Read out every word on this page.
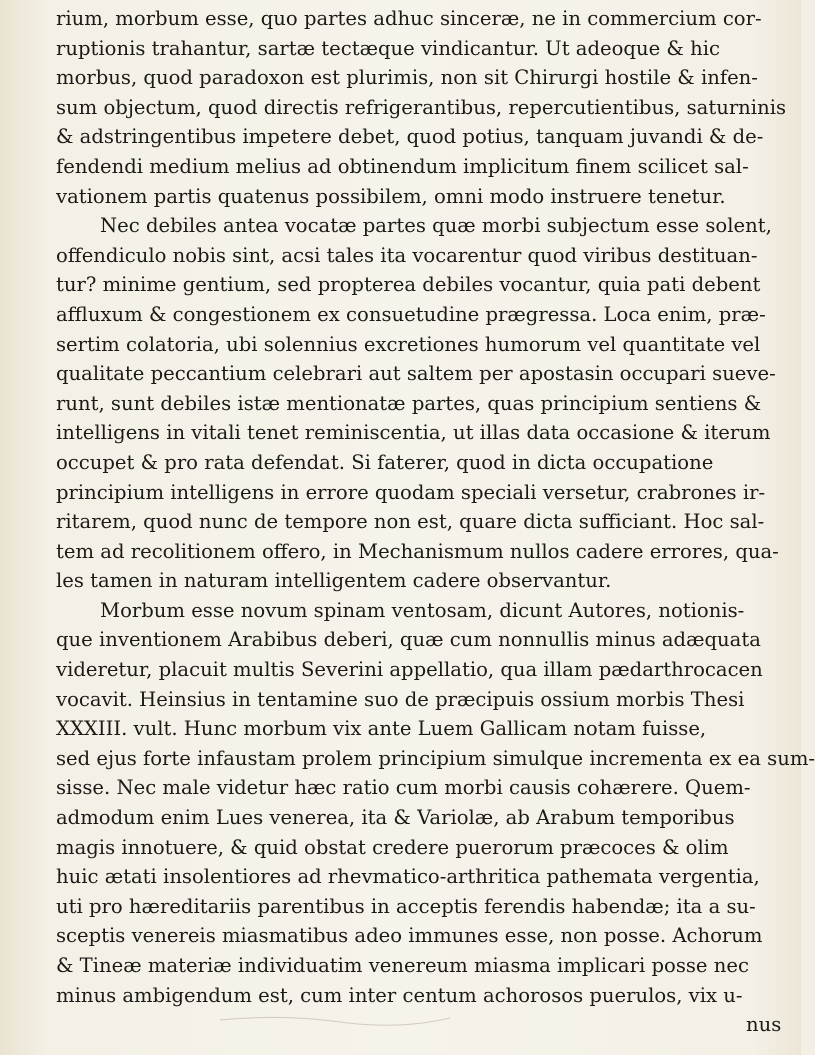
rium, morbum esse, quo partes adhuc sinceræ, ne in commercium cor-
ruptionis trahantur, sartæ tectæque vindicantur. Ut adeoque & hic
morbus, quod paradoxon est plurimis, non sit Chirurgi hostile & infen-
sum objectum, quod directis refrigerantibus, repercutientibus, saturninis
& adstringentibus impetere debet, quod potius, tanquam juvandi & de-
fendendi medium melius ad obtinendum implicitum finem scilicet sal-
vationem partis quatenus possibilem, omni modo instruere tenetur.
Nec debiles antea vocatæ partes quæ morbi subjectum esse solent,
offendiculo nobis sint, acsi tales ita vocarentur quod viribus destituan-
tur? minime gentium, sed propterea debiles vocantur, quia pati debent
affluxum & congestionem ex consuetudine prægressa. Loca enim, præ-
sertim colatoria, ubi solennius excretiones humorum vel quantitate vel
qualitate peccantium celebrari aut saltem per apostasin occupari sueve-
runt, sunt debiles istæ mentionatæ partes, quas principium sentiens &
intelligens in vitali tenet reminiscentia, ut illas data occasione & iterum
occupet & pro rata defendat. Si faterer, quod in dicta occupatione
principium intelligens in errore quodam speciali versetur, crabrones ir-
ritarem, quod nunc de tempore non est, quare dicta sufficiant. Hoc sal-
tem ad recolitionem offero, in Mechanismum nullos cadere errores, qua-
les tamen in naturam intelligentem cadere observantur.
Morbum esse novum spinam ventosam, dicunt Autores, notionis-
que inventionem Arabibus deberi, quæ cum nonnullis minus adæquata
videretur, placuit multis Severini appellatio, qua illam pædarthrocacen
vocavit. Heinsius in tentamine suo de præcipuis ossium morbis Thesi
XXXIII. vult. Hunc morbum vix ante Luem Gallicam notam fuisse,
sed ejus forte infaustam prolem principium simulque incrementa ex ea sum-
sisse. Nec male videtur hæc ratio cum morbi causis cohærere. Quem-
admodum enim Lues venerea, ita & Variolæ, ab Arabum temporibus
magis innotuere, & quid obstat credere puerorum præcoces & olim
huic ætati insolentiores ad rhevmatico-arthritica pathemata vergentia,
uti pro hæreditariis parentibus in acceptis ferendis habendæ; ita a su-
sceptis venereis miasmatibus adeo immunes esse, non posse. Achorum
& Tineæ materiæ individuatim venereum miasma implicari posse nec
minus ambigendum est, cum inter centum achorosos puerulos, vix u-
nus
